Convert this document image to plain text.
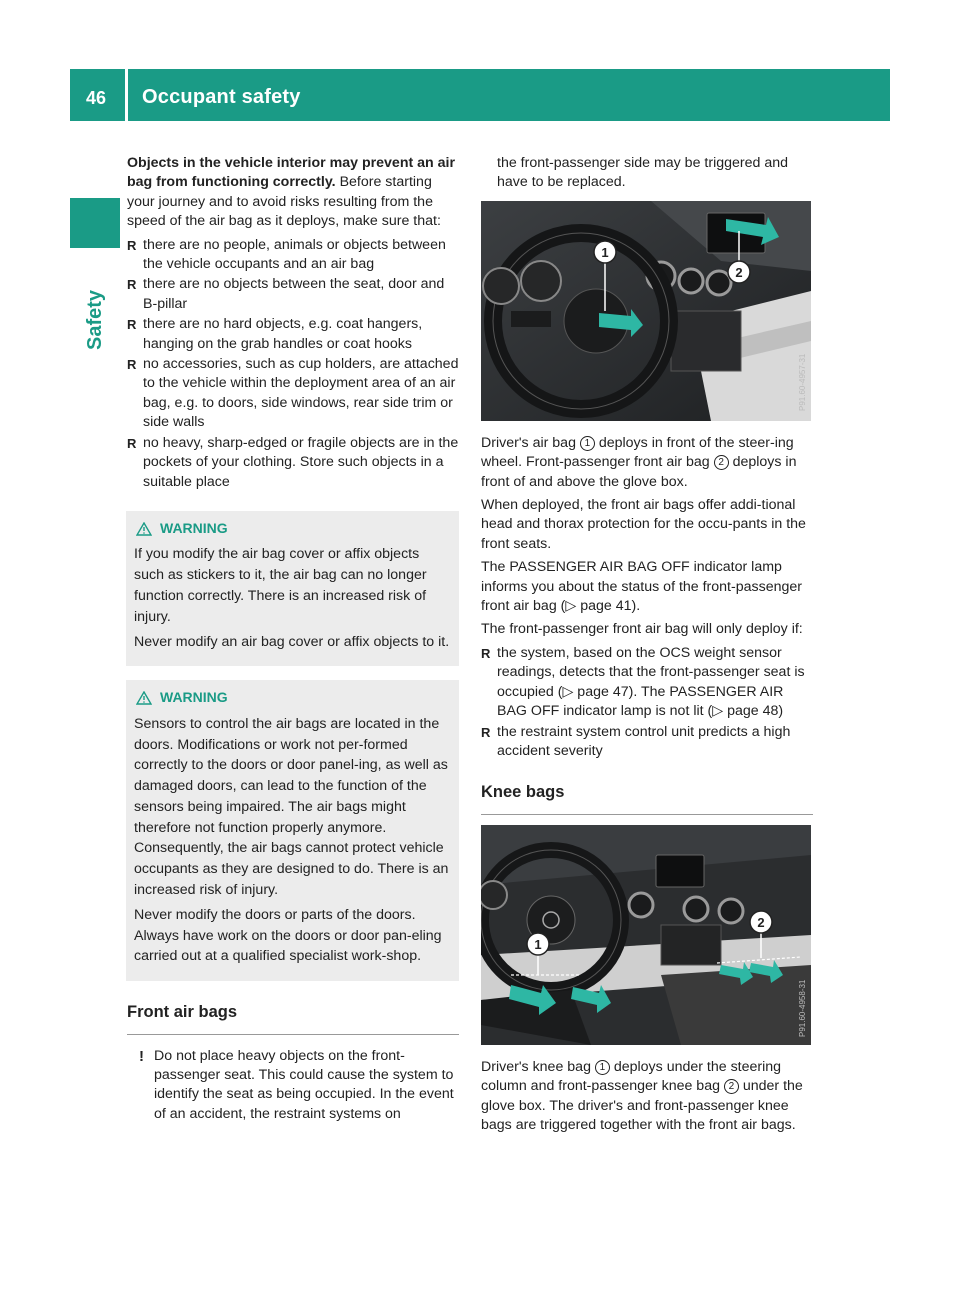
46 Occupant safety
Safety

Objects in the vehicle interior may prevent an air bag from functioning correctly. Before starting your journey and to avoid risks resulting from the speed of the air bag as it deploys, make sure that:

R there are no people, animals or objects between the vehicle occupants and an air bag
R there are no objects between the seat, door and B-pillar
R there are no hard objects, e.g. coat hangers, hanging on the grab handles or coat hooks
R no accessories, such as cup holders, are attached to the vehicle within the deployment area of an air bag, e.g. to doors, side windows, rear side trim or side walls
R no heavy, sharp-edged or fragile objects are in the pockets of your clothing. Store such objects in a suitable place
WARNING

If you modify the air bag cover or affix objects such as stickers to it, the air bag can no longer function correctly. There is an increased risk of injury.

Never modify an air bag cover or affix objects to it.

WARNING

Sensors to control the air bags are located in the doors. Modifications or work not per-formed correctly to the doors or door panel-ing, as well as damaged doors, can lead to the function of the sensors being impaired. The air bags might therefore not function properly anymore. Consequently, the air bags cannot protect vehicle occupants as they are designed to do. There is an increased risk of injury.

Never modify the doors or parts of the doors. Always have work on the doors or door pan-eling carried out at a qualified specialist work-shop.

Front air bags
! Do not place heavy objects on the front-passenger seat. This could cause the system to identify the seat as being occupied. In the event of an accident, the restraint systems on

the front-passenger side may be triggered and have to be replaced.

1
2
P91.60-4957-31

Driver's air bag 1 deploys in front of the steer-ing wheel. Front-passenger front air bag 2 deploys in front of and above the glove box.

When deployed, the front air bags offer addi-tional head and thorax protection for the occu-pants in the front seats.

The PASSENGER AIR BAG OFF indicator lamp informs you about the status of the front-passenger front air bag (▷ page 41).

The front-passenger front air bag will only deploy if:

R the system, based on the OCS weight sensor readings, detects that the front-passenger seat is occupied (▷ page 47). The PASSENGER AIR BAG OFF indicator lamp is not lit (▷ page 48)
R the restraint system control unit predicts a high accident severity
Knee bags
1
2
P91.60-4958-31

Driver's knee bag 1 deploys under the steering column and front-passenger knee bag 2 under the glove box. The driver's and front-passenger knee bags are triggered together with the front air bags.
